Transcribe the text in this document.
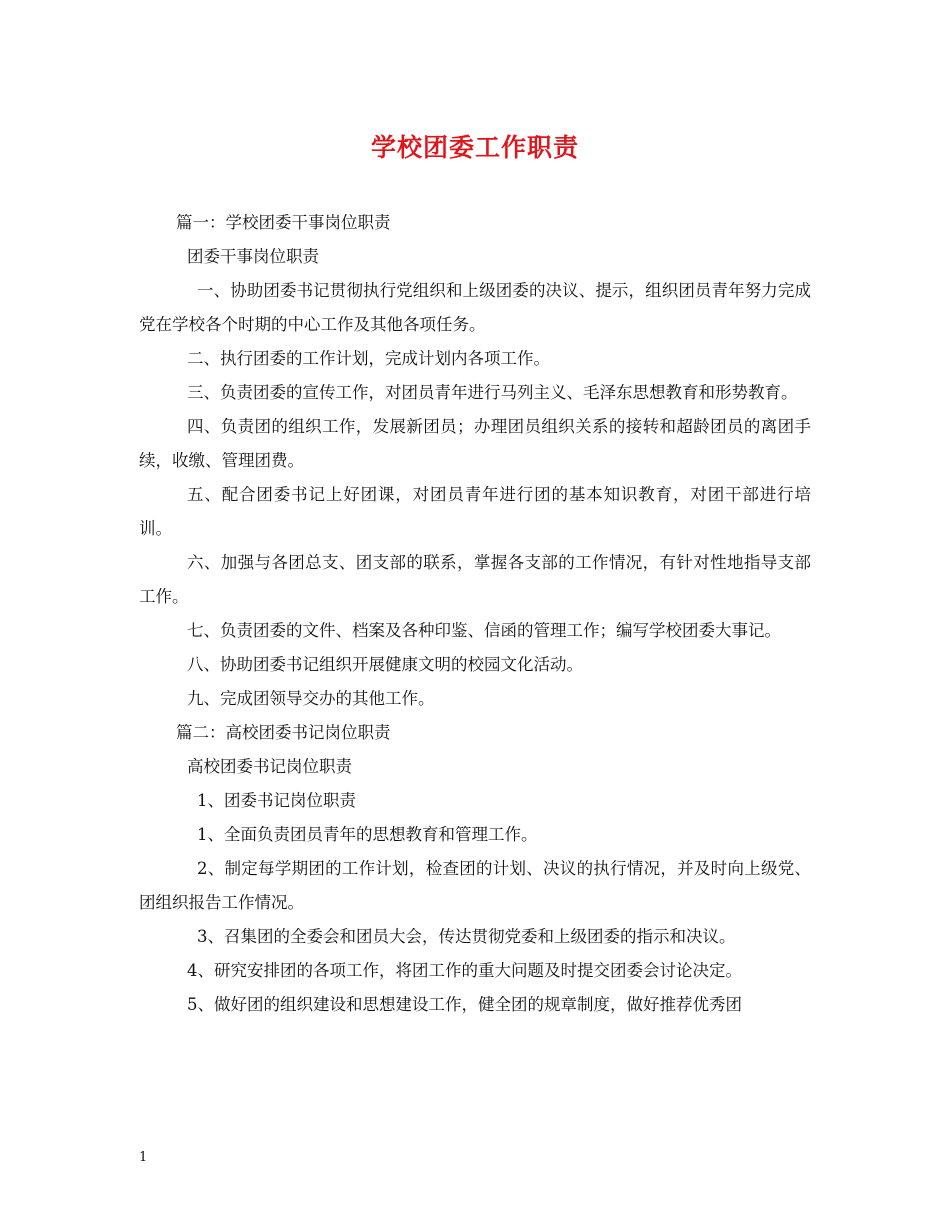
学校团委工作职责

篇一：学校团委干事岗位职责

团委干事岗位职责

一、协助团委书记贯彻执行党组织和上级团委的决议、提示，组织团员青年努力完成党在学校各个时期的中心工作及其他各项任务。

二、执行团委的工作计划，完成计划内各项工作。

三、负责团委的宣传工作，对团员青年进行马列主义、毛泽东思想教育和形势教育。

四、负责团的组织工作，发展新团员；办理团员组织关系的接转和超龄团员的离团手续，收缴、管理团费。

五、配合团委书记上好团课，对团员青年进行团的基本知识教育，对团干部进行培训。

六、加强与各团总支、团支部的联系，掌握各支部的工作情况，有针对性地指导支部工作。

七、负责团委的文件、档案及各种印鉴、信函的管理工作；编写学校团委大事记。

八、协助团委书记组织开展健康文明的校园文化活动。

九、完成团领导交办的其他工作。

篇二：高校团委书记岗位职责

高校团委书记岗位职责

1、团委书记岗位职责

1、全面负责团员青年的思想教育和管理工作。

2、制定每学期团的工作计划，检查团的计划、决议的执行情况，并及时向上级党、团组织报告工作情况。

3、召集团的全委会和团员大会，传达贯彻党委和上级团委的指示和决议。

4、研究安排团的各项工作，将团工作的重大问题及时提交团委会讨论决定。

5、做好团的组织建设和思想建设工作，健全团的规章制度，做好推荐优秀团

1
